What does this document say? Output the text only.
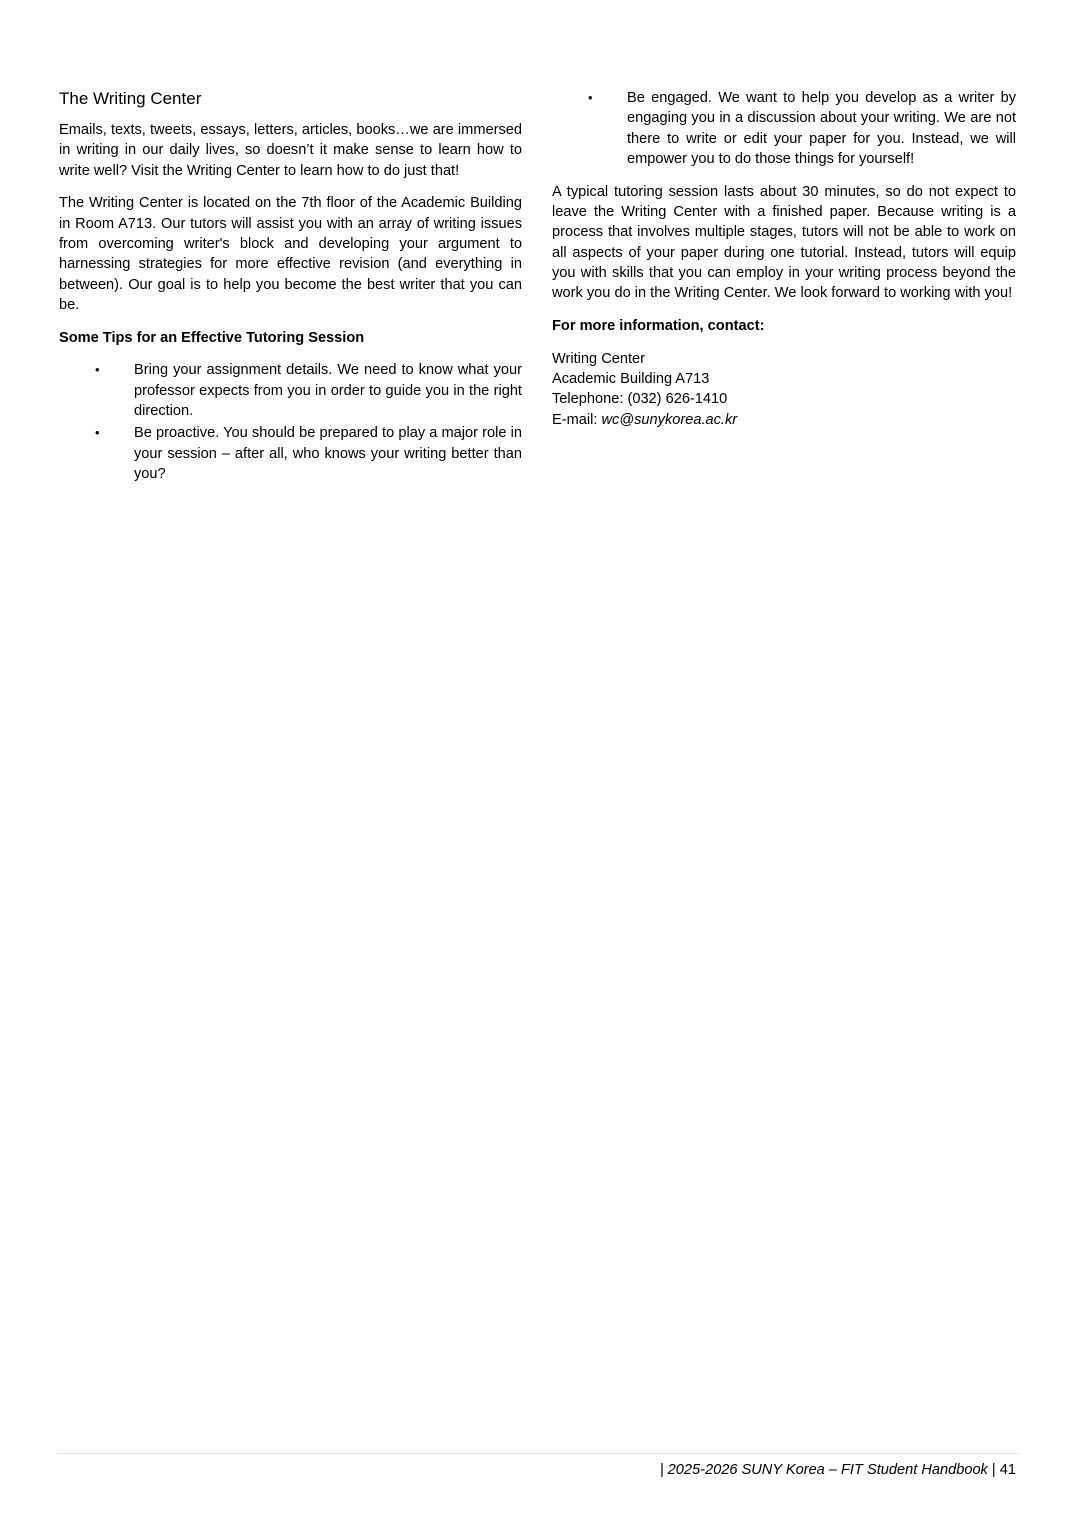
The Writing Center

Emails, texts, tweets, essays, letters, articles, books…we are immersed in writing in our daily lives, so doesn’t it make sense to learn how to write well? Visit the Writing Center to learn how to do just that!

The Writing Center is located on the 7th floor of the Academic Building in Room A713. Our tutors will assist you with an array of writing issues from overcoming writer's block and developing your argument to harnessing strategies for more effective revision (and everything in between). Our goal is to help you become the best writer that you can be.

Some Tips for an Effective Tutoring Session

• Bring your assignment details. We need to know what your professor expects from you in order to guide you in the right direction.
• Be proactive. You should be prepared to play a major role in your session – after all, who knows your writing better than you?
• Be engaged. We want to help you develop as a writer by engaging you in a discussion about your writing. We are not there to write or edit your paper for you. Instead, we will empower you to do those things for yourself!

A typical tutoring session lasts about 30 minutes, so do not expect to leave the Writing Center with a finished paper. Because writing is a process that involves multiple stages, tutors will not be able to work on all aspects of your paper during one tutorial. Instead, tutors will equip you with skills that you can employ in your writing process beyond the work you do in the Writing Center. We look forward to working with you!

For more information, contact:

Writing Center

Academic Building A713

Telephone: (032) 626-1410

E-mail: wc@sunykorea.ac.kr

| 2025-2026 SUNY Korea – FIT Student Handbook | 41
